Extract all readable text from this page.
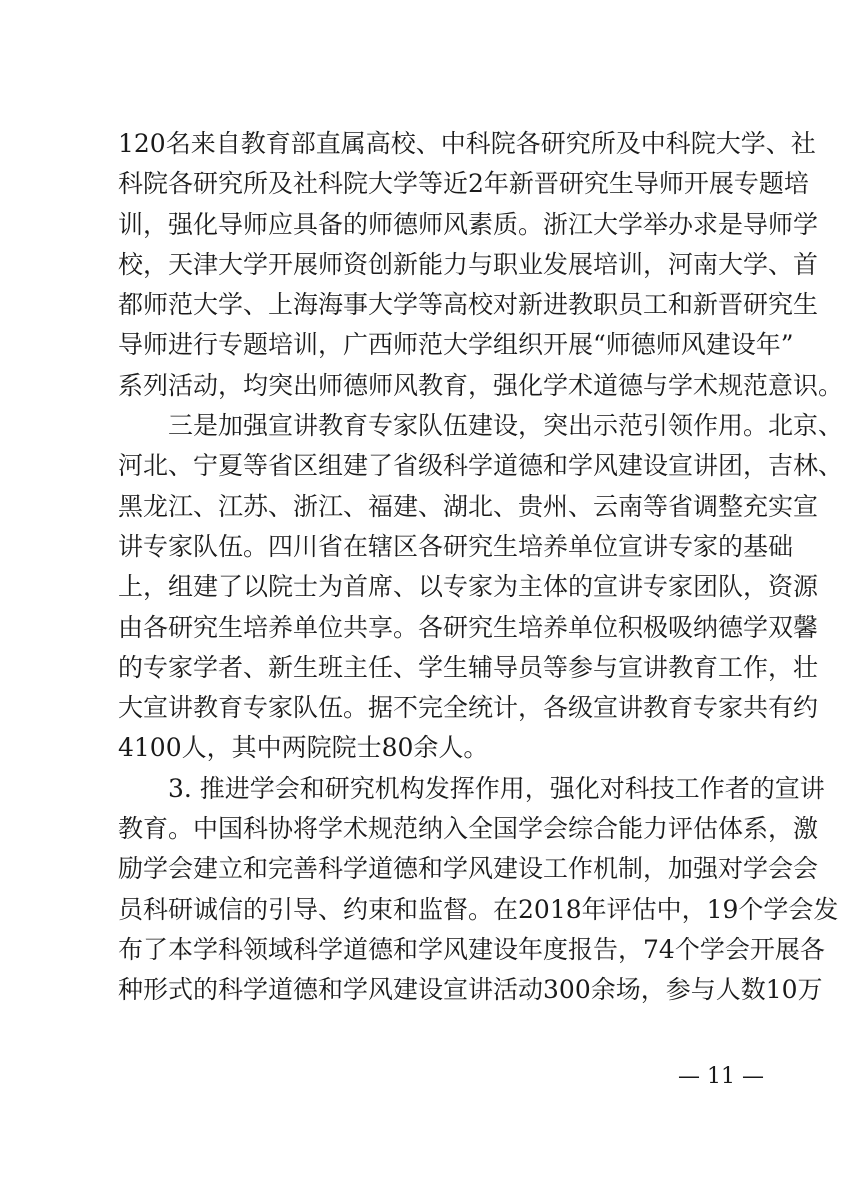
120名来自教育部直属高校、中科院各研究所及中科院大学、社
科院各研究所及社科院大学等近2年新晋研究生导师开展专题培
训，强化导师应具备的师德师风素质。浙江大学举办求是导师学
校，天津大学开展师资创新能力与职业发展培训，河南大学、首
都师范大学、上海海事大学等高校对新进教职员工和新晋研究生
导师进行专题培训，广西师范大学组织开展“师德师风建设年”
系列活动，均突出师德师风教育，强化学术道德与学术规范意识。
三是加强宣讲教育专家队伍建设，突出示范引领作用。北京、
河北、宁夏等省区组建了省级科学道德和学风建设宣讲团，吉林、
黑龙江、江苏、浙江、福建、湖北、贵州、云南等省调整充实宣
讲专家队伍。四川省在辖区各研究生培养单位宣讲专家的基础
上，组建了以院士为首席、以专家为主体的宣讲专家团队，资源
由各研究生培养单位共享。各研究生培养单位积极吸纳德学双馨
的专家学者、新生班主任、学生辅导员等参与宣讲教育工作，壮
大宣讲教育专家队伍。据不完全统计，各级宣讲教育专家共有约
4100人，其中两院院士80余人。
3. 推进学会和研究机构发挥作用，强化对科技工作者的宣讲
教育。中国科协将学术规范纳入全国学会综合能力评估体系，激
励学会建立和完善科学道德和学风建设工作机制，加强对学会会
员科研诚信的引导、约束和监督。在2018年评估中，19个学会发
布了本学科领域科学道德和学风建设年度报告，74个学会开展各
种形式的科学道德和学风建设宣讲活动300余场，参与人数10万
— 11 —
